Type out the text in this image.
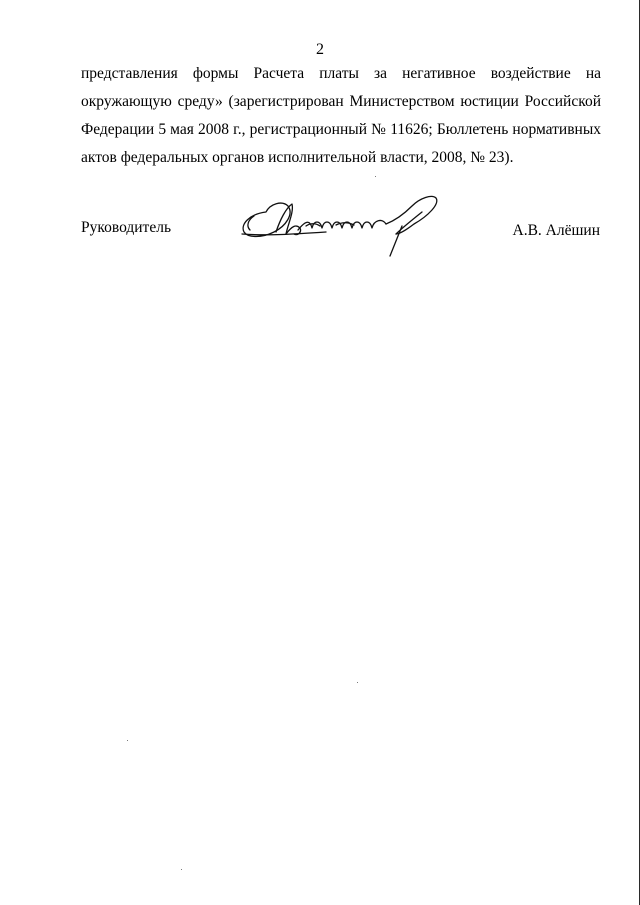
2
представления формы Расчета платы за негативное воздействие на
окружающую среду» (зарегистрирован Министерством юстиции Российской
Федерации 5 мая 2008 г., регистрационный № 11626; Бюллетень нормативных
актов федеральных органов исполнительной власти, 2008, № 23).
Руководитель	А.В. Алёшин
